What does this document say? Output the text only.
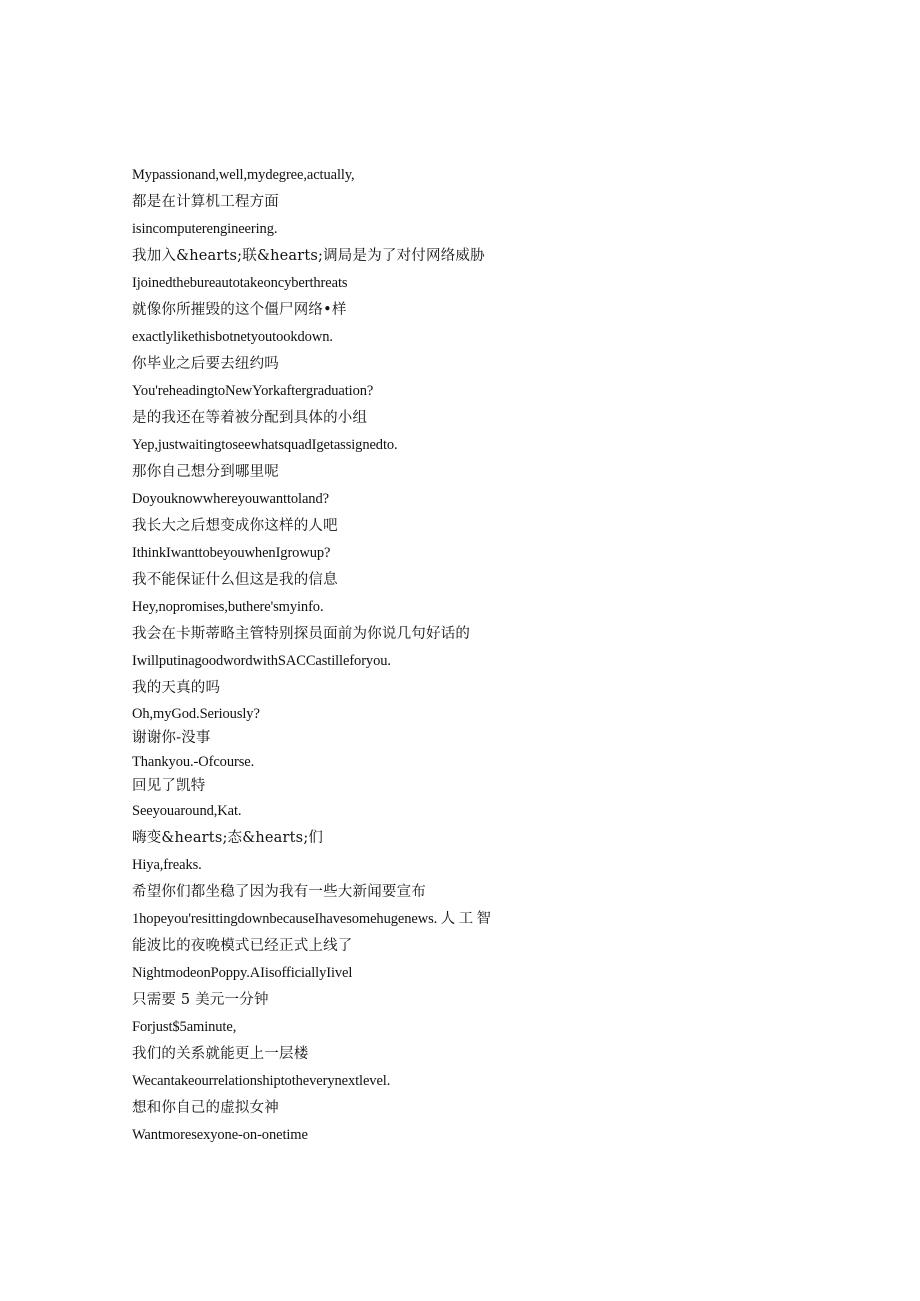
Mypassionand,well,mydegree,actually,

都是在计算机工程方面

isincomputerengineering.

我加入&hearts;联&hearts;调局是为了对付网络威胁

Ijoinedthebureautotakeoncyberthreats

就像你所摧毁的这个僵尸网络•样

exactlylikethisbotnetyoutookdown.

你毕业之后要去纽约吗

You'reheadingtoNewYorkaftergraduation?

是的我还在等着被分配到具体的小组

Yep,justwaitingtoseewhatsquadIgetassignedto.

那你自己想分到哪里呢

Doyouknowwhereyouwanttoland?

我长大之后想变成你这样的人吧

IthinkIwanttobeyouwhenIgrowup?

我不能保证什么但这是我的信息

Hey,nopromises,buthere'smyinfo.

我会在卡斯蒂略主管特别探员面前为你说几句好话的

IwillputinagoodwordwithSACCastilleforyou.

我的天真的吗

Oh,myGod.Seriously?

谢谢你-没事

Thankyou.-Ofcourse.

回见了凯特

Seeyouaround,Kat.

嗨变&hearts;态&hearts;们

Hiya,freaks.

希望你们都坐稳了因为我有一些大新闻要宣布

1hopeyou'resittingdownbecauseIhavesomehugenews. 人 工 智

能波比的夜晚模式已经正式上线了

NightmodeonPoppy.AIisofficiallyIivel

只需要 5 美元一分钟

Forjust$5aminute,

我们的关系就能更上一层楼

Wecantakeourrelationshiptotheverynextlevel.

想和你自己的虚拟女神

Wantmoresexyone-on-onetime
